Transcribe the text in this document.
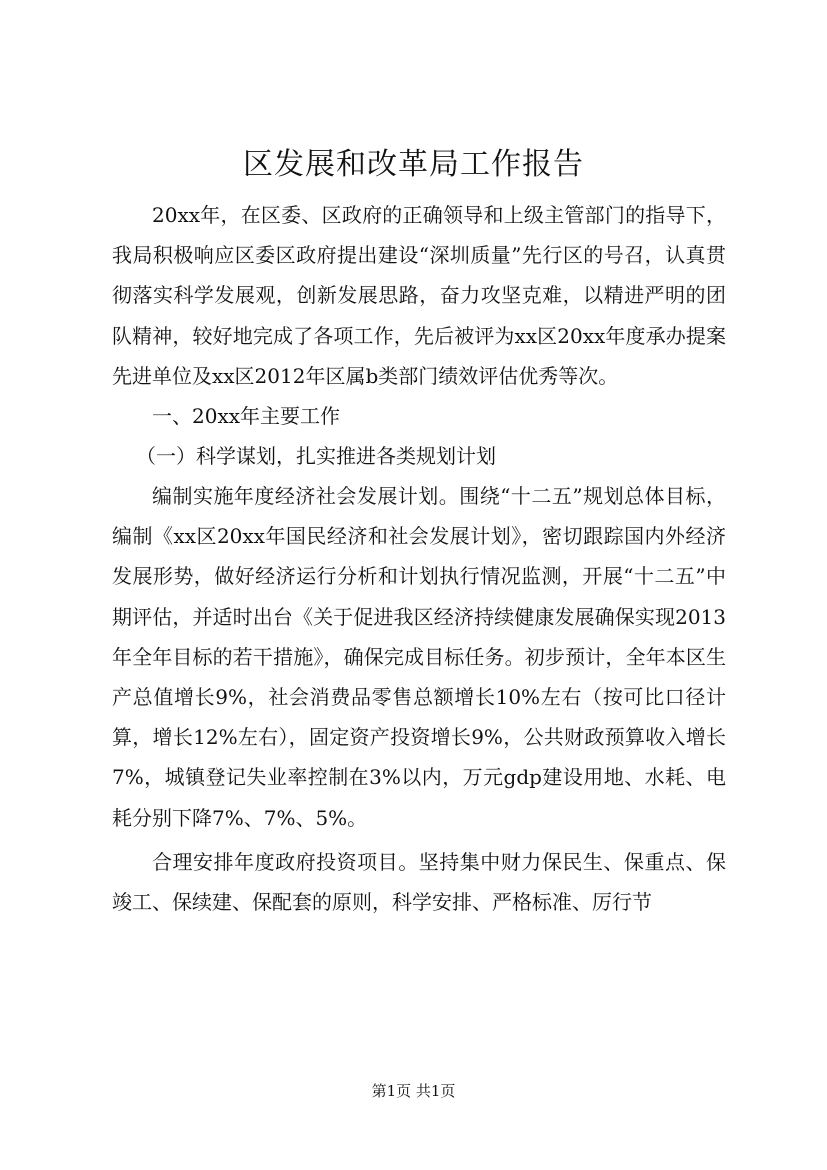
区发展和改革局工作报告

20xx年，在区委、区政府的正确领导和上级主管部门的指导下，我局积极响应区委区政府提出建设“深圳质量”先行区的号召，认真贯彻落实科学发展观，创新发展思路，奋力攻坚克难，以精进严明的团队精神，较好地完成了各项工作，先后被评为xx区20xx年度承办提案先进单位及xx区2012年区属b类部门绩效评估优秀等次。

一、20xx年主要工作

（一）科学谋划，扎实推进各类规划计划

编制实施年度经济社会发展计划。围绕“十二五”规划总体目标，编制《xx区20xx年国民经济和社会发展计划》，密切跟踪国内外经济发展形势，做好经济运行分析和计划执行情况监测，开展“十二五”中期评估，并适时出台《关于促进我区经济持续健康发展确保实现2013年全年目标的若干措施》，确保完成目标任务。初步预计，全年本区生产总值增长9%，社会消费品零售总额增长10%左右（按可比口径计算，增长12%左右），固定资产投资增长9%，公共财政预算收入增长7%，城镇登记失业率控制在3%以内，万元gdp建设用地、水耗、电耗分别下降7%、7%、5%。

合理安排年度政府投资项目。坚持集中财力保民生、保重点、保竣工、保续建、保配套的原则，科学安排、严格标准、厉行节

第1页 共1页
